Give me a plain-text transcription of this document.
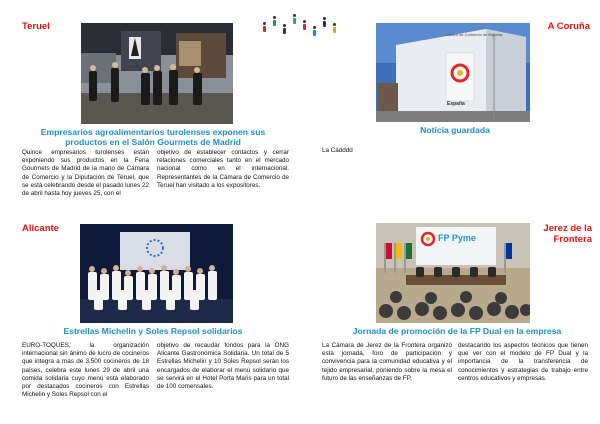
Teruel
Empresarios agroalimentarios turolenses exponen sus productos en el Salón Gourmets de Madrid
Quince empresarios turolenses están exponiendo sus productos en la Feria Gourmets de Madrid de la mano de Cámara de Comercio y la Diputación de Teruel, que se está celebrando desde el pasado lunes 22 de abril hasta hoy jueves 25, con el
objetivo de establecer contactos y cerrar relaciones comerciales tanto en el mercado nacional como en el internacional. Representantes de la Cámara de Comercio de Teruel han visitado a los expositores.
A Coruña
Centro de Comercio de España
España
Noticia guardada
La Cádddd
Alicante
Estrellas Michelin y Soles Repsol solidarios
EURO-TOQUES, la organización internacional sin ánimo de lucro de cocineros que integra a más de 3.500 cocineros de 18 países, celebra este lunes 29 de abril una comida solidaria cuyo menú está elaborado por destacados cocineros con Estrellas Michelin y Soles Repsol con el
objetivo de recaudar fondos para la ONG Alicante Gastronómica Solidaria. Un total de 5 Estrellas Michelin y 10 Soles Repsol serán los encargados de elaborar el menú solidario que se servirá en el Hotel Porta Maris para un total de 100 comensales.
Jerez de la Frontera
FP Pyme
Jornada de promoción de la FP Dual en la empresa
La Cámara de Jerez de la Frontera organizó esta jornada, foro de participación y convivencia para la comunidad educativa y el tejido empresarial, poniendo sobre la mesa el futuro de las enseñanzas de FP,
destacando los aspectos técnicos que tienen que ver con el modelo de FP Dual y la importancia de la transferencia de conocimientos y estrategias de trabajo entre centros educativos y empresas.
